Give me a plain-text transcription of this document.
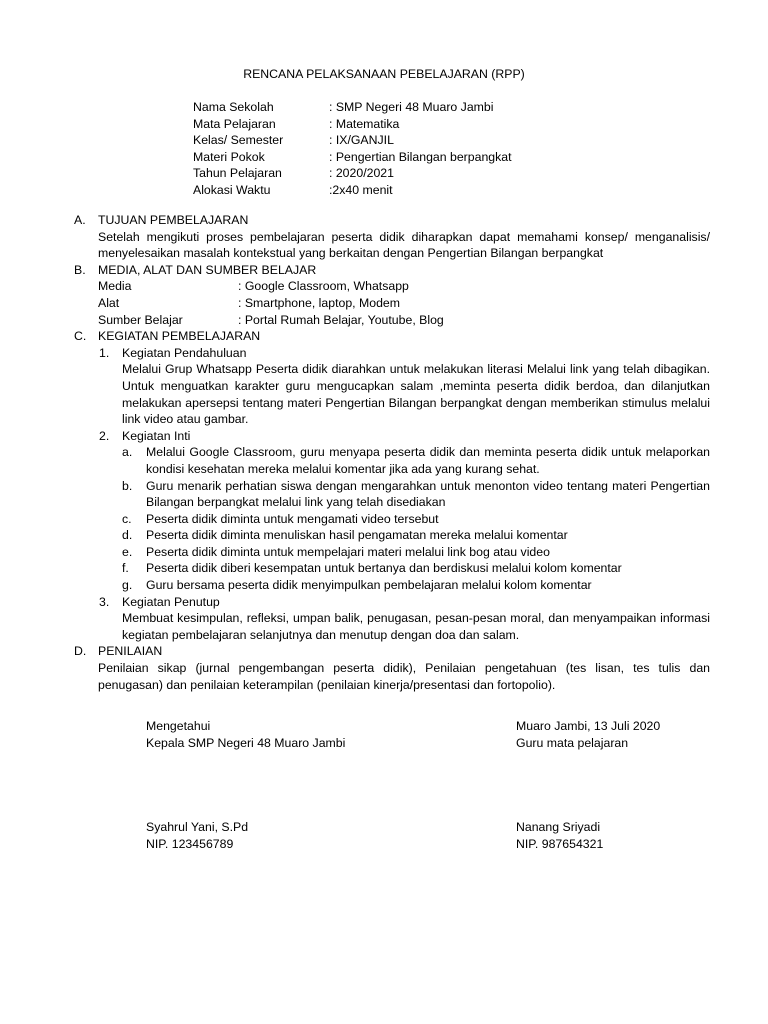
RENCANA PELAKSANAAN PEBELAJARAN (RPP)
Nama Sekolah	: SMP Negeri 48 Muaro Jambi
Mata Pelajaran	: Matematika
Kelas/ Semester	: IX/GANJIL
Materi Pokok	: Pengertian Bilangan berpangkat
Tahun Pelajaran	: 2020/2021
Alokasi Waktu	:2x40 menit
A.	TUJUAN PEMBELAJARAN
Setelah mengikuti proses pembelajaran peserta didik diharapkan dapat memahami konsep/ menganalisis/ menyelesaikan masalah kontekstual yang berkaitan dengan Pengertian Bilangan berpangkat
B.	MEDIA, ALAT DAN SUMBER BELAJAR
Media	: Google Classroom, Whatsapp
Alat	: Smartphone, laptop, Modem
Sumber Belajar	: Portal Rumah Belajar, Youtube, Blog
C. KEGIATAN PEMBELAJARAN
1.	Kegiatan Pendahuluan
Melalui Grup Whatsapp Peserta didik diarahkan untuk melakukan literasi Melalui link yang telah dibagikan. Untuk menguatkan karakter guru mengucapkan salam ,meminta peserta didik berdoa, dan dilanjutkan melakukan apersepsi tentang materi Pengertian Bilangan berpangkat dengan memberikan stimulus melalui link video atau gambar.
2.	Kegiatan Inti
a.	Melalui Google Classroom, guru menyapa peserta didik dan meminta peserta didik untuk melaporkan kondisi kesehatan mereka melalui komentar jika ada yang kurang sehat.
b.	Guru menarik perhatian siswa dengan mengarahkan untuk menonton video tentang materi Pengertian Bilangan berpangkat melalui link yang telah disediakan
c.	Peserta didik diminta untuk mengamati video tersebut
d.	Peserta didik diminta menuliskan hasil pengamatan mereka melalui komentar
e.	Peserta didik diminta untuk mempelajari materi melalui link bog atau video
f.	Peserta didik diberi kesempatan untuk bertanya dan berdiskusi melalui kolom komentar
g.	Guru bersama peserta didik menyimpulkan pembelajaran melalui kolom komentar
3.	Kegiatan Penutup
Membuat kesimpulan, refleksi, umpan balik, penugasan, pesan-pesan moral, dan menyampaikan informasi kegiatan pembelajaran selanjutnya dan menutup dengan doa dan salam.
D. PENILAIAN
Penilaian sikap (jurnal pengembangan peserta didik), Penilaian pengetahuan (tes lisan, tes tulis dan penugasan) dan penilaian keterampilan (penilaian kinerja/presentasi dan fortopolio).
Mengetahui
Kepala SMP Negeri 48 Muaro Jambi
Muaro Jambi, 13 Juli 2020
Guru mata pelajaran
Syahrul Yani, S.Pd
NIP. 123456789
Nanang Sriyadi
NIP. 987654321
